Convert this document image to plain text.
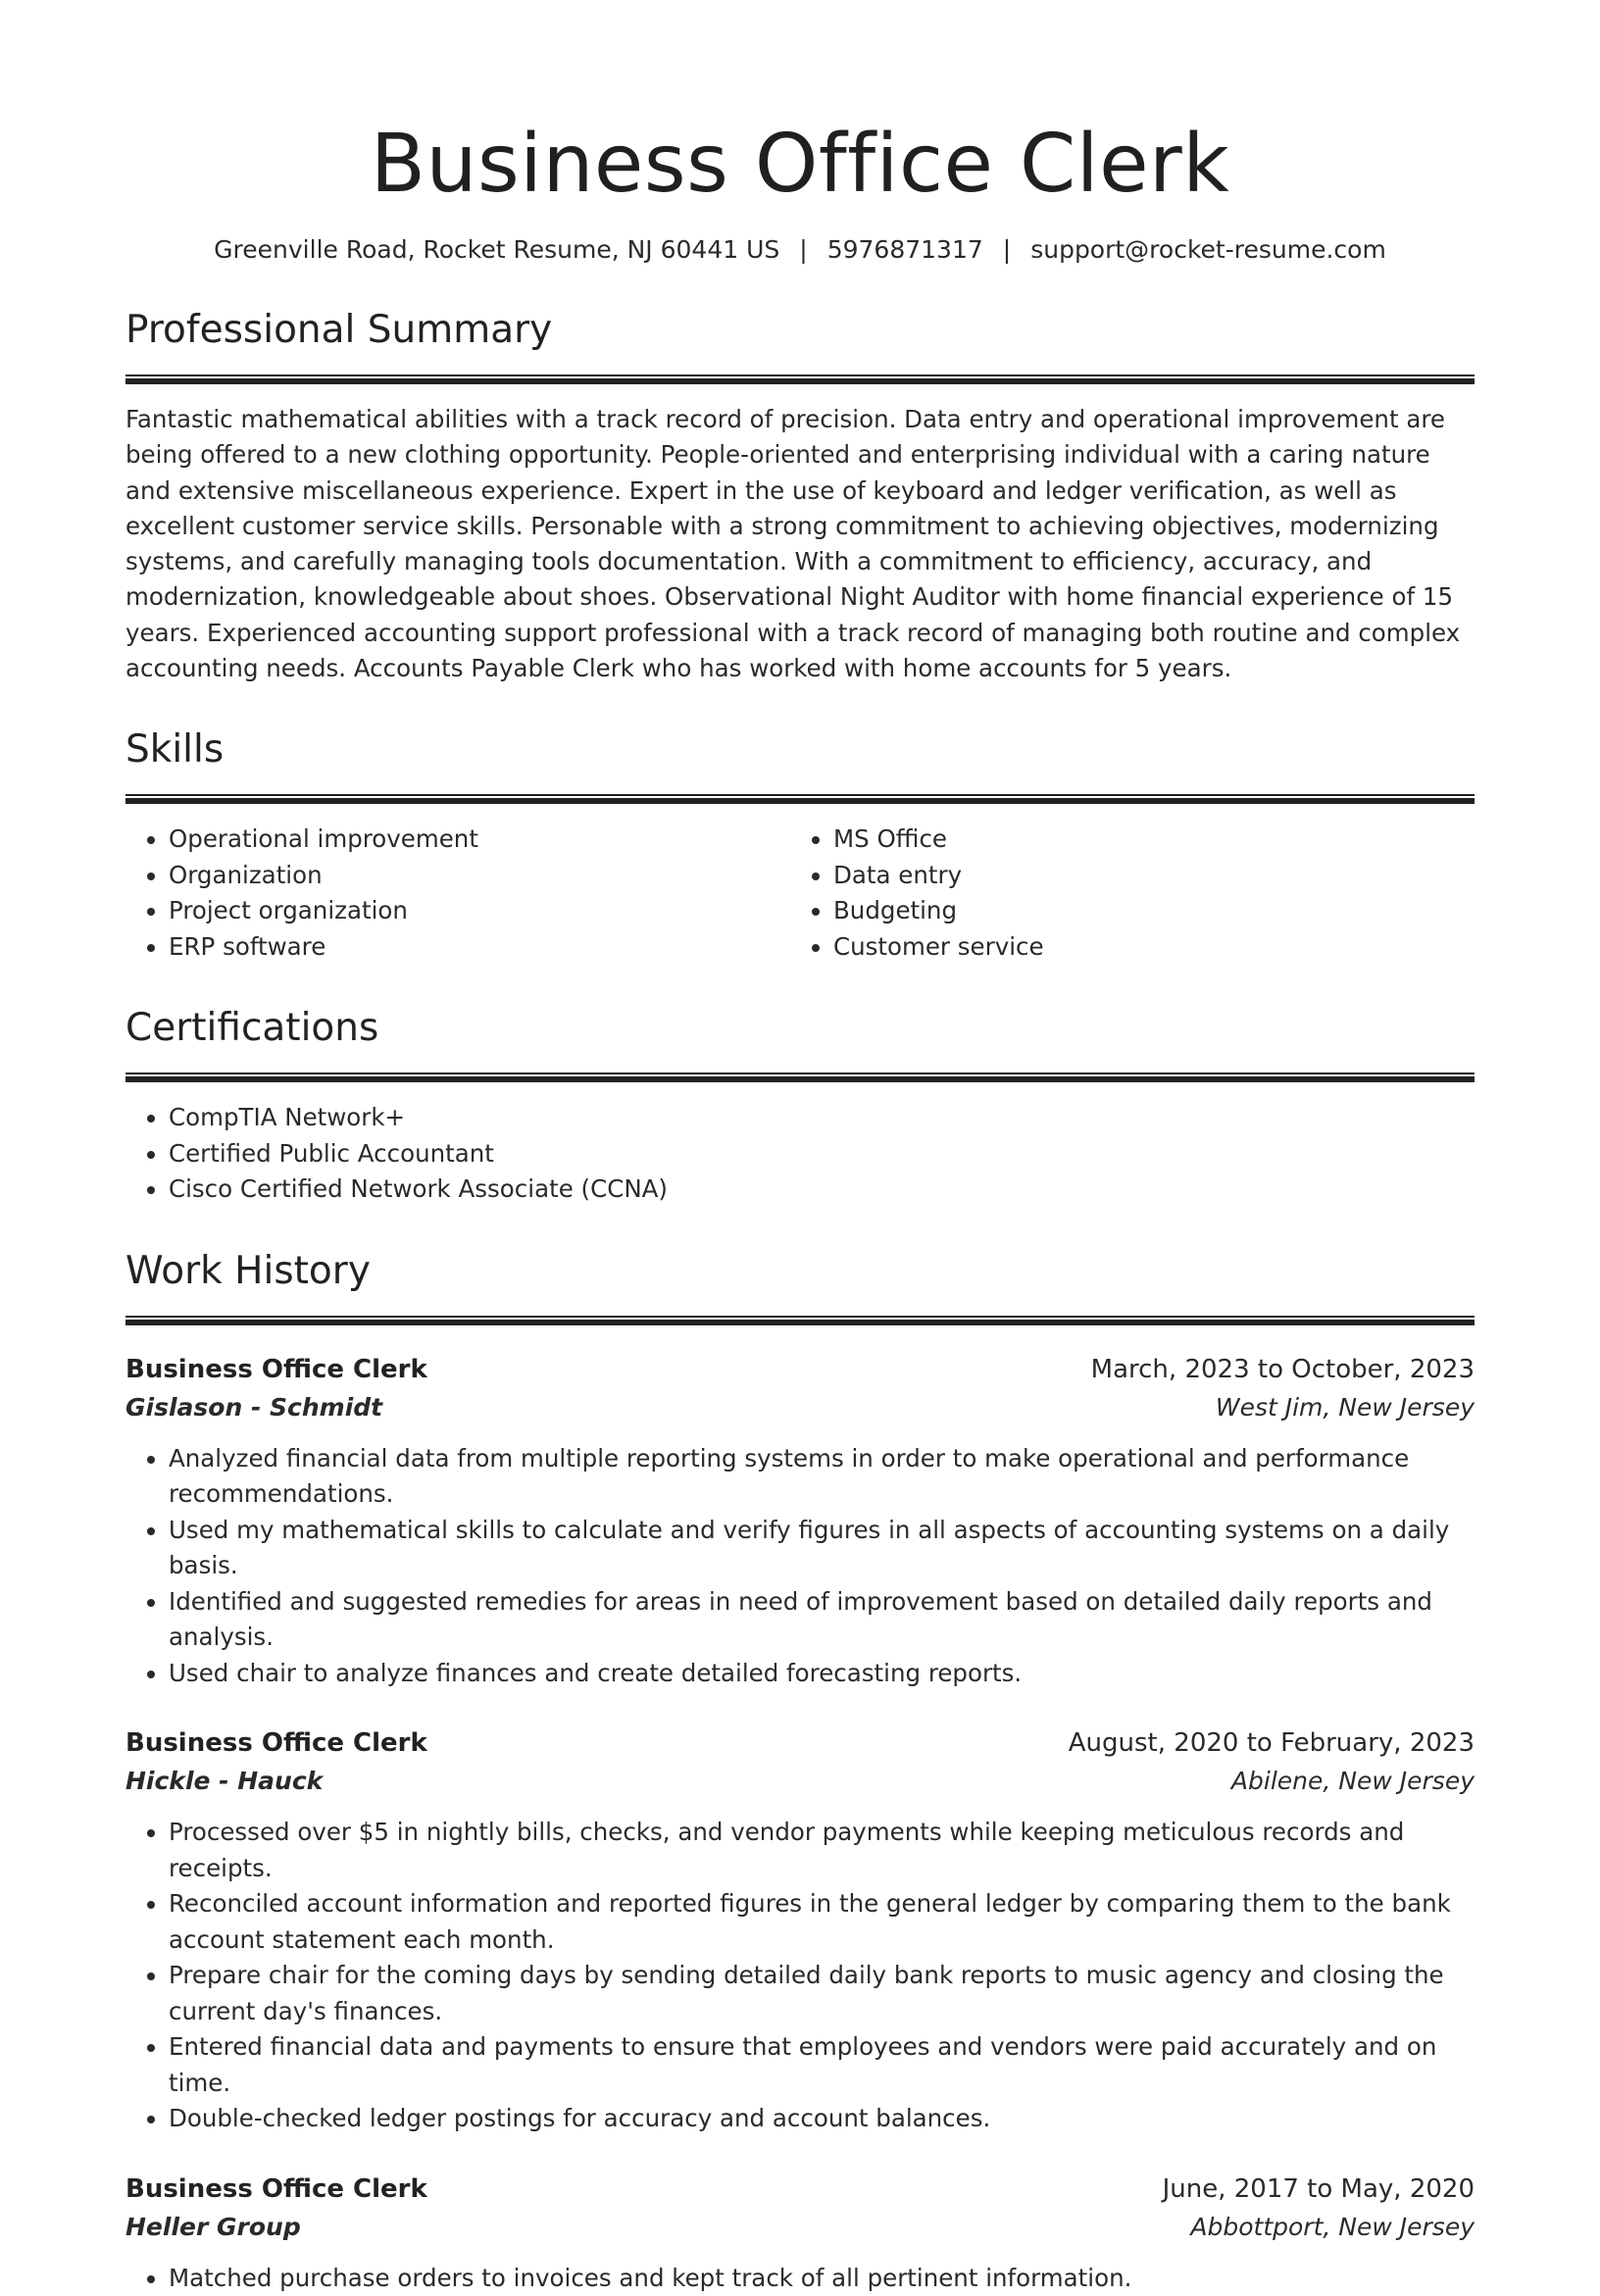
Business Office Clerk
Greenville Road, Rocket Resume, NJ 60441 US | 5976871317 | support@rocket-resume.com
Professional Summary

Fantastic mathematical abilities with a track record of precision. Data entry and operational improvement are being offered to a new clothing opportunity. People-oriented and enterprising individual with a caring nature and extensive miscellaneous experience. Expert in the use of keyboard and ledger verification, as well as excellent customer service skills. Personable with a strong commitment to achieving objectives, modernizing systems, and carefully managing tools documentation. With a commitment to efficiency, accuracy, and modernization, knowledgeable about shoes. Observational Night Auditor with home financial experience of 15 years. Experienced accounting support professional with a track record of managing both routine and complex accounting needs. Accounts Payable Clerk who has worked with home accounts for 5 years.

Skills
• Operational improvement
• Organization
• Project organization
• ERP software
• MS Office
• Data entry
• Budgeting
• Customer service
Certifications
• CompTIA Network+
• Certified Public Accountant
• Cisco Certified Network Associate (CCNA)
Work History
Business Office Clerk	March, 2023 to October, 2023
Gislason - Schmidt	West Jim, New Jersey
• Analyzed financial data from multiple reporting systems in order to make operational and performance recommendations.
• Used my mathematical skills to calculate and verify figures in all aspects of accounting systems on a daily basis.
• Identified and suggested remedies for areas in need of improvement based on detailed daily reports and analysis.
• Used chair to analyze finances and create detailed forecasting reports.
Business Office Clerk	August, 2020 to February, 2023
Hickle - Hauck	Abilene, New Jersey
• Processed over $5 in nightly bills, checks, and vendor payments while keeping meticulous records and receipts.
• Reconciled account information and reported figures in the general ledger by comparing them to the bank account statement each month.
• Prepare chair for the coming days by sending detailed daily bank reports to music agency and closing the current day's finances.
• Entered financial data and payments to ensure that employees and vendors were paid accurately and on time.
• Double-checked ledger postings for accuracy and account balances.
Business Office Clerk	June, 2017 to May, 2020
Heller Group	Abbottport, New Jersey
• Matched purchase orders to invoices and kept track of all pertinent information.
